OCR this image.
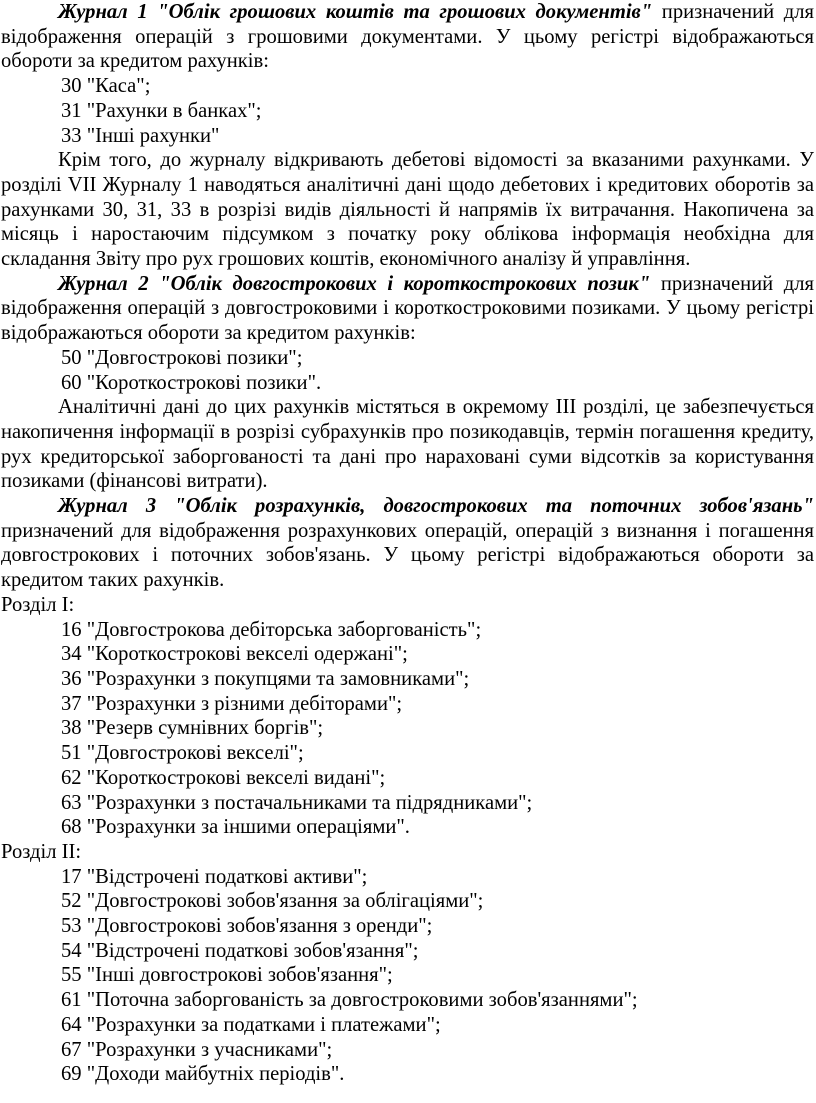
Журнал 1 "Облік грошових коштів та грошових документів" призначений для відображення операцій з грошовими документами. У цьому регістрі відображаються обороти за кредитом рахунків:

30 "Каса";
31 "Рахунки в банках";
33 "Інші рахунки"

Крім того, до журналу відкривають дебетові відомості за вказаними рахунками. У розділі VII Журналу 1 наводяться аналітичні дані щодо дебетових і кредитових оборотів за рахунками 30, 31, 33 в розрізі видів діяльності й напрямів їх витрачання. Накопичена за місяць і наростаючим підсумком з початку року облікова інформація необхідна для складання Звіту про рух грошових коштів, економічного аналізу й управління.

Журнал 2 "Облік довгострокових і короткострокових позик" призначений для відображення операцій з довгостроковими і короткостроковими позиками. У цьому регістрі відображаються обороти за кредитом рахунків:

50 "Довгострокові позики";
60 "Короткострокові позики".

Аналітичні дані до цих рахунків містяться в окремому III розділі, це забезпечується накопичення інформації в розрізі субрахунків про позикодавців, термін погашення кредиту, рух кредиторської заборгованості та дані про нараховані суми відсотків за користування позиками (фінансові витрати).

Журнал 3 "Облік розрахунків, довгострокових та поточних зобов'язань" призначений для відображення розрахункових операцій, операцій з визнання і погашення довгострокових і поточних зобов'язань. У цьому регістрі відображаються обороти за кредитом таких рахунків.

Розділ І:

16 "Довгострокова дебіторська заборгованість";
34 "Короткострокові векселі одержані";
36 "Розрахунки з покупцями та замовниками";
37 "Розрахунки з різними дебіторами";
38 "Резерв сумнівних боргів";
51 "Довгострокові векселі";
62 "Короткострокові векселі видані";
63 "Розрахунки з постачальниками та підрядниками";
68 "Розрахунки за іншими операціями".

Розділ ІІ:

17 "Відстрочені податкові активи";
52 "Довгострокові зобов'язання за облігаціями";
53 "Довгострокові зобов'язання з оренди";
54 "Відстрочені податкові зобов'язання";
55 "Інші довгострокові зобов'язання";
61 "Поточна заборгованість за довгостроковими зобов'язаннями";
64 "Розрахунки за податками і платежами";
67 "Розрахунки з учасниками";
69 "Доходи майбутніх періодів".
